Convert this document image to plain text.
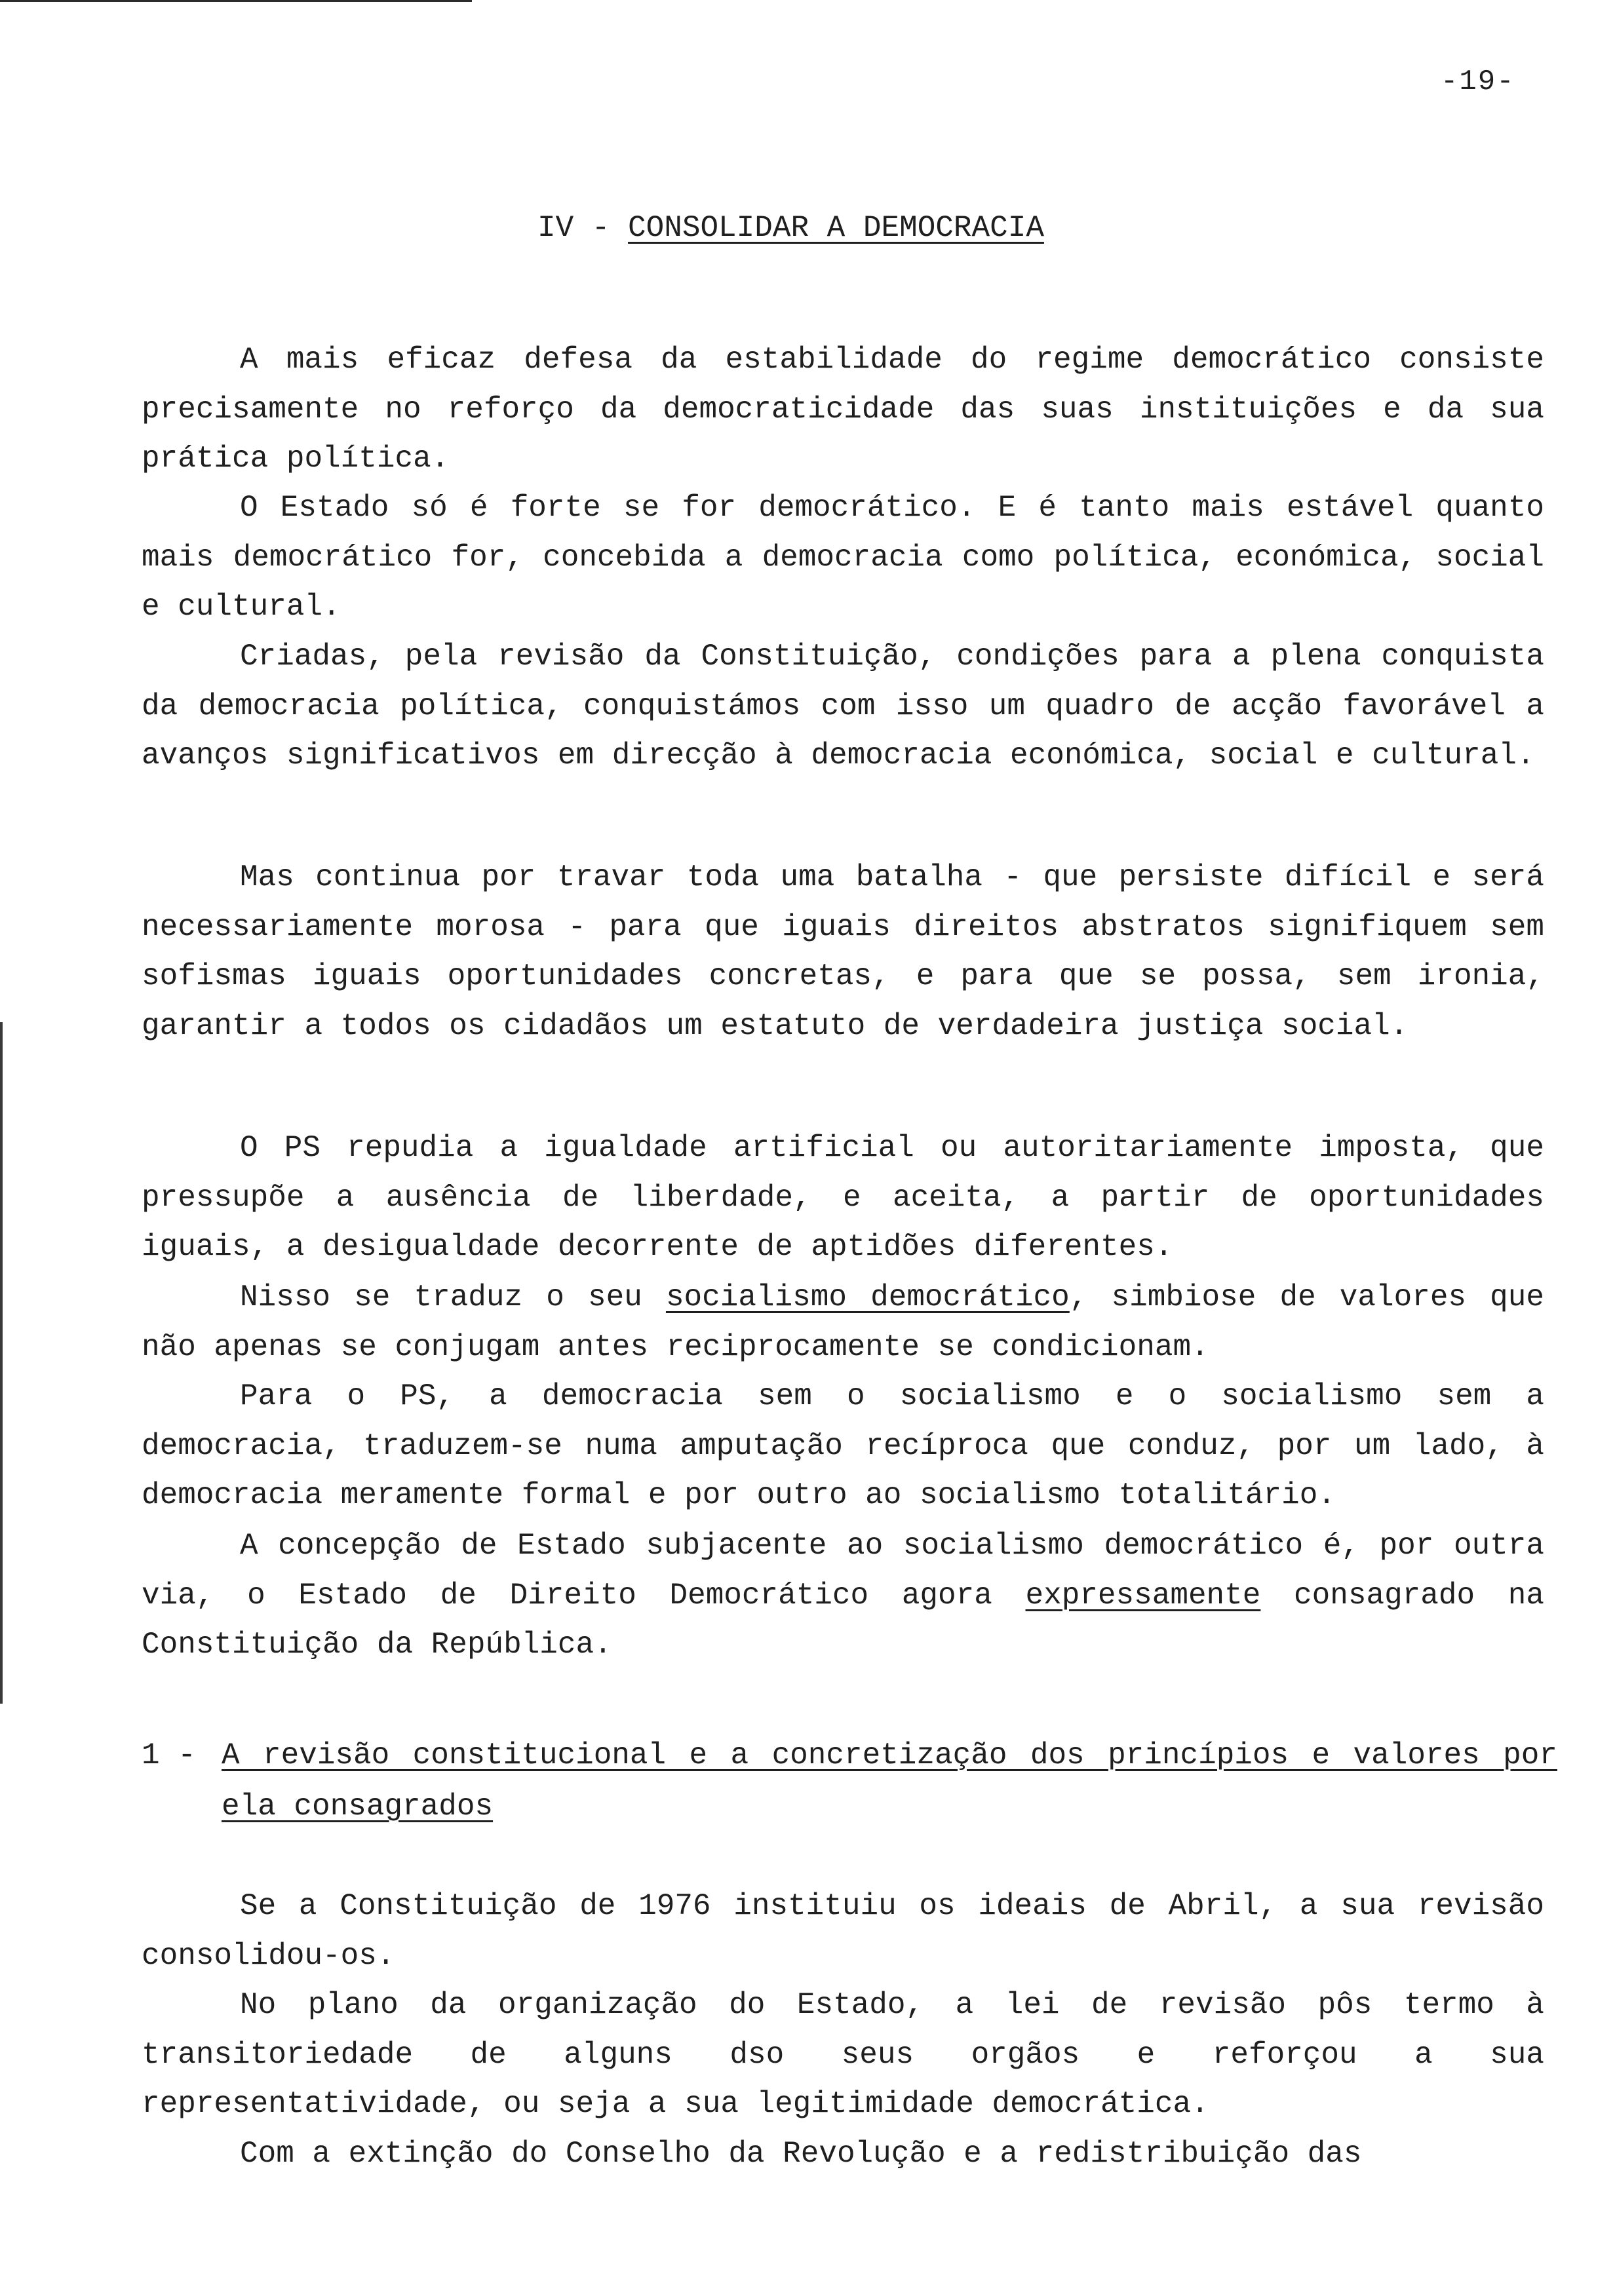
-19-
IV - CONSOLIDAR A DEMOCRACIA

A mais eficaz defesa da estabilidade do regime democrático consiste precisamente no reforço da democraticidade das suas instituições e da sua prática política.

O Estado só é forte se for democrático. E é tanto mais estável quanto mais democrático for, concebida a democracia como política, económica, social e cultural.

Criadas, pela revisão da Constituição, condições para a plena conquista da democracia política, conquistámos com isso um quadro de acção favorável a avanços significativos em direcção à democracia económica, social e cultural.

Mas continua por travar toda uma batalha - que persiste difícil e será necessariamente morosa - para que iguais direitos abstratos signifiquem sem sofismas iguais oportunidades concretas, e para que se possa, sem ironia, garantir a todos os cidadãos um estatuto de verdadeira justiça social.

O PS repudia a igualdade artificial ou autoritariamente imposta, que pressupõe a ausência de liberdade, e aceita, a partir de oportunidades iguais, a desigualdade decorrente de aptidões diferentes.

Nisso se traduz o seu socialismo democrático, simbiose de valores que não apenas se conjugam antes reciprocamente se condicionam.

Para o PS, a democracia sem o socialismo e o socialismo sem a democracia, traduzem-se numa amputação recíproca que conduz, por um lado, à democracia meramente formal e por outro ao socialismo totalitário.

A concepção de Estado subjacente ao socialismo democrático é, por outra via, o Estado de Direito Democrático agora expressamente consagrado na Constituição da República.

1 - A revisão constitucional e a concretização dos princípios e valores por ela consagrados

Se a Constituição de 1976 instituiu os ideais de Abril, a sua revisão consolidou-os.

No plano da organização do Estado, a lei de revisão pôs termo à transitoriedade de alguns dso seus orgãos e reforçou a sua representatividade, ou seja a sua legitimidade democrática.

Com a extinção do Conselho da Revolução e a redistribuição das
